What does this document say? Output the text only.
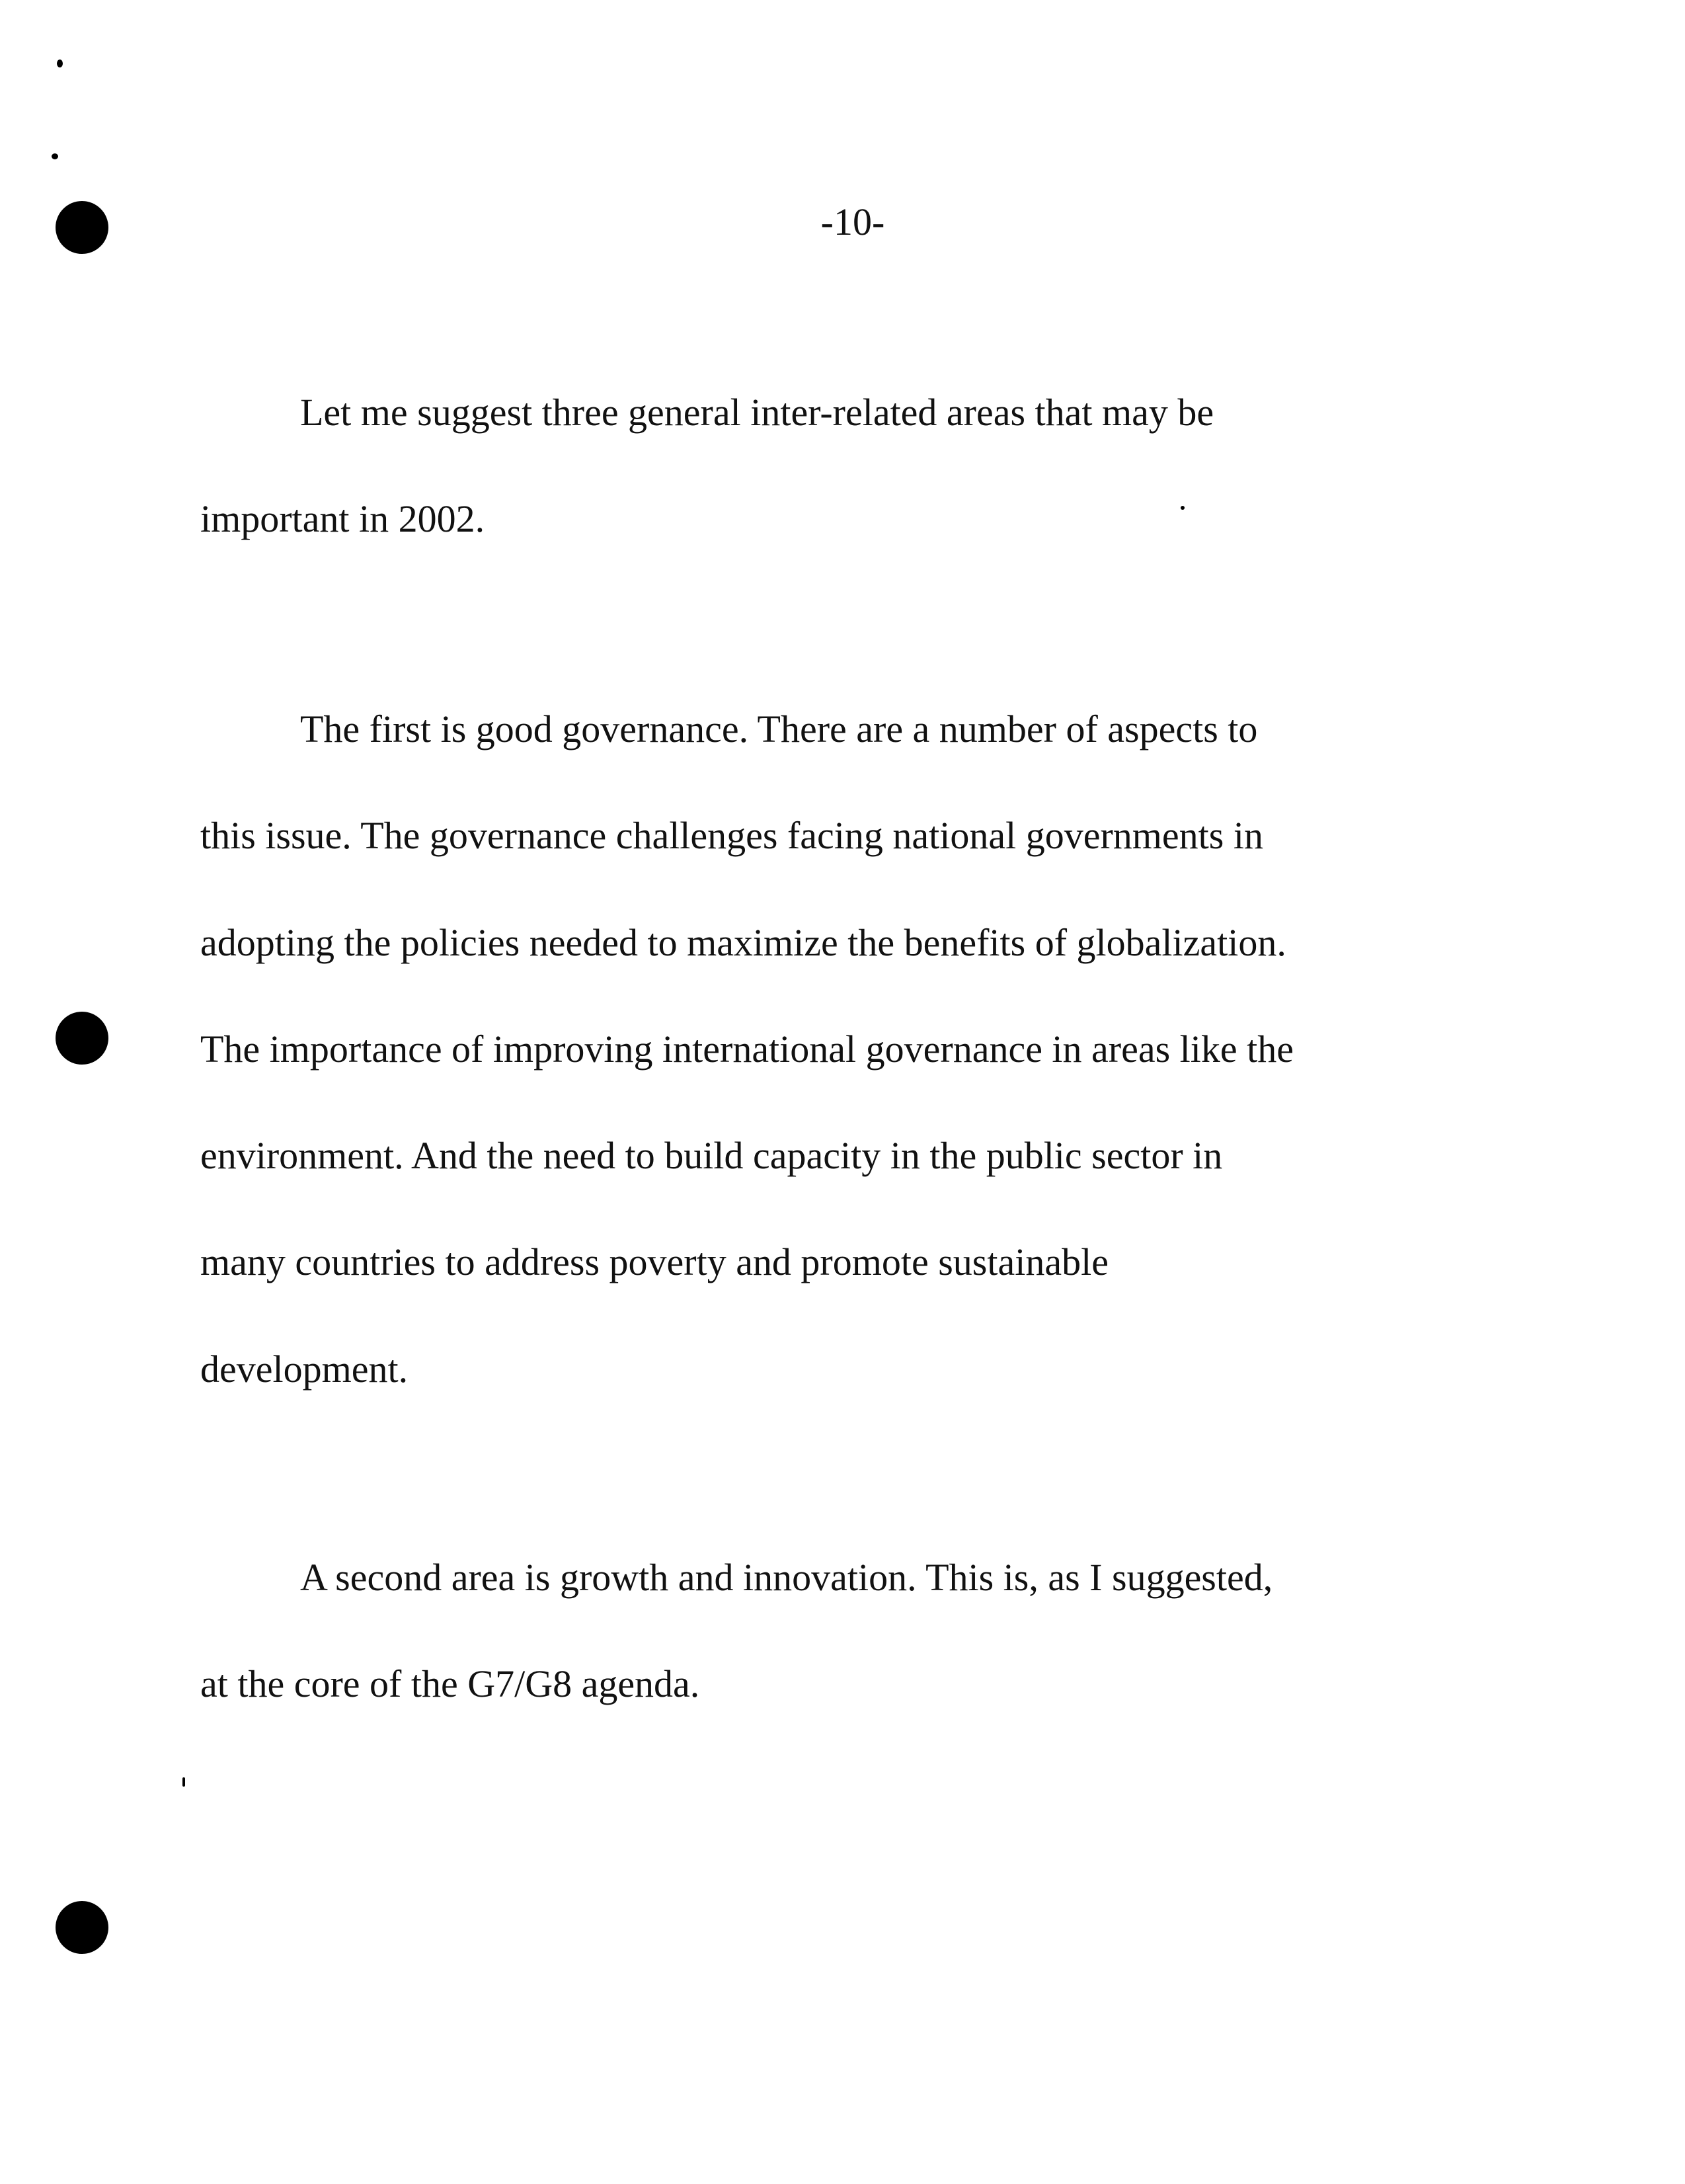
-10-

Let me suggest three general inter-related areas that may be
important in 2002.

The first is good governance. There are a number of aspects to
this issue. The governance challenges facing national governments in
adopting the policies needed to maximize the benefits of globalization.
The importance of improving international governance in areas like the
environment. And the need to build capacity in the public sector in
many countries to address poverty and promote sustainable
development.

A second area is growth and innovation. This is, as I suggested,
at the core of the G7/G8 agenda.
